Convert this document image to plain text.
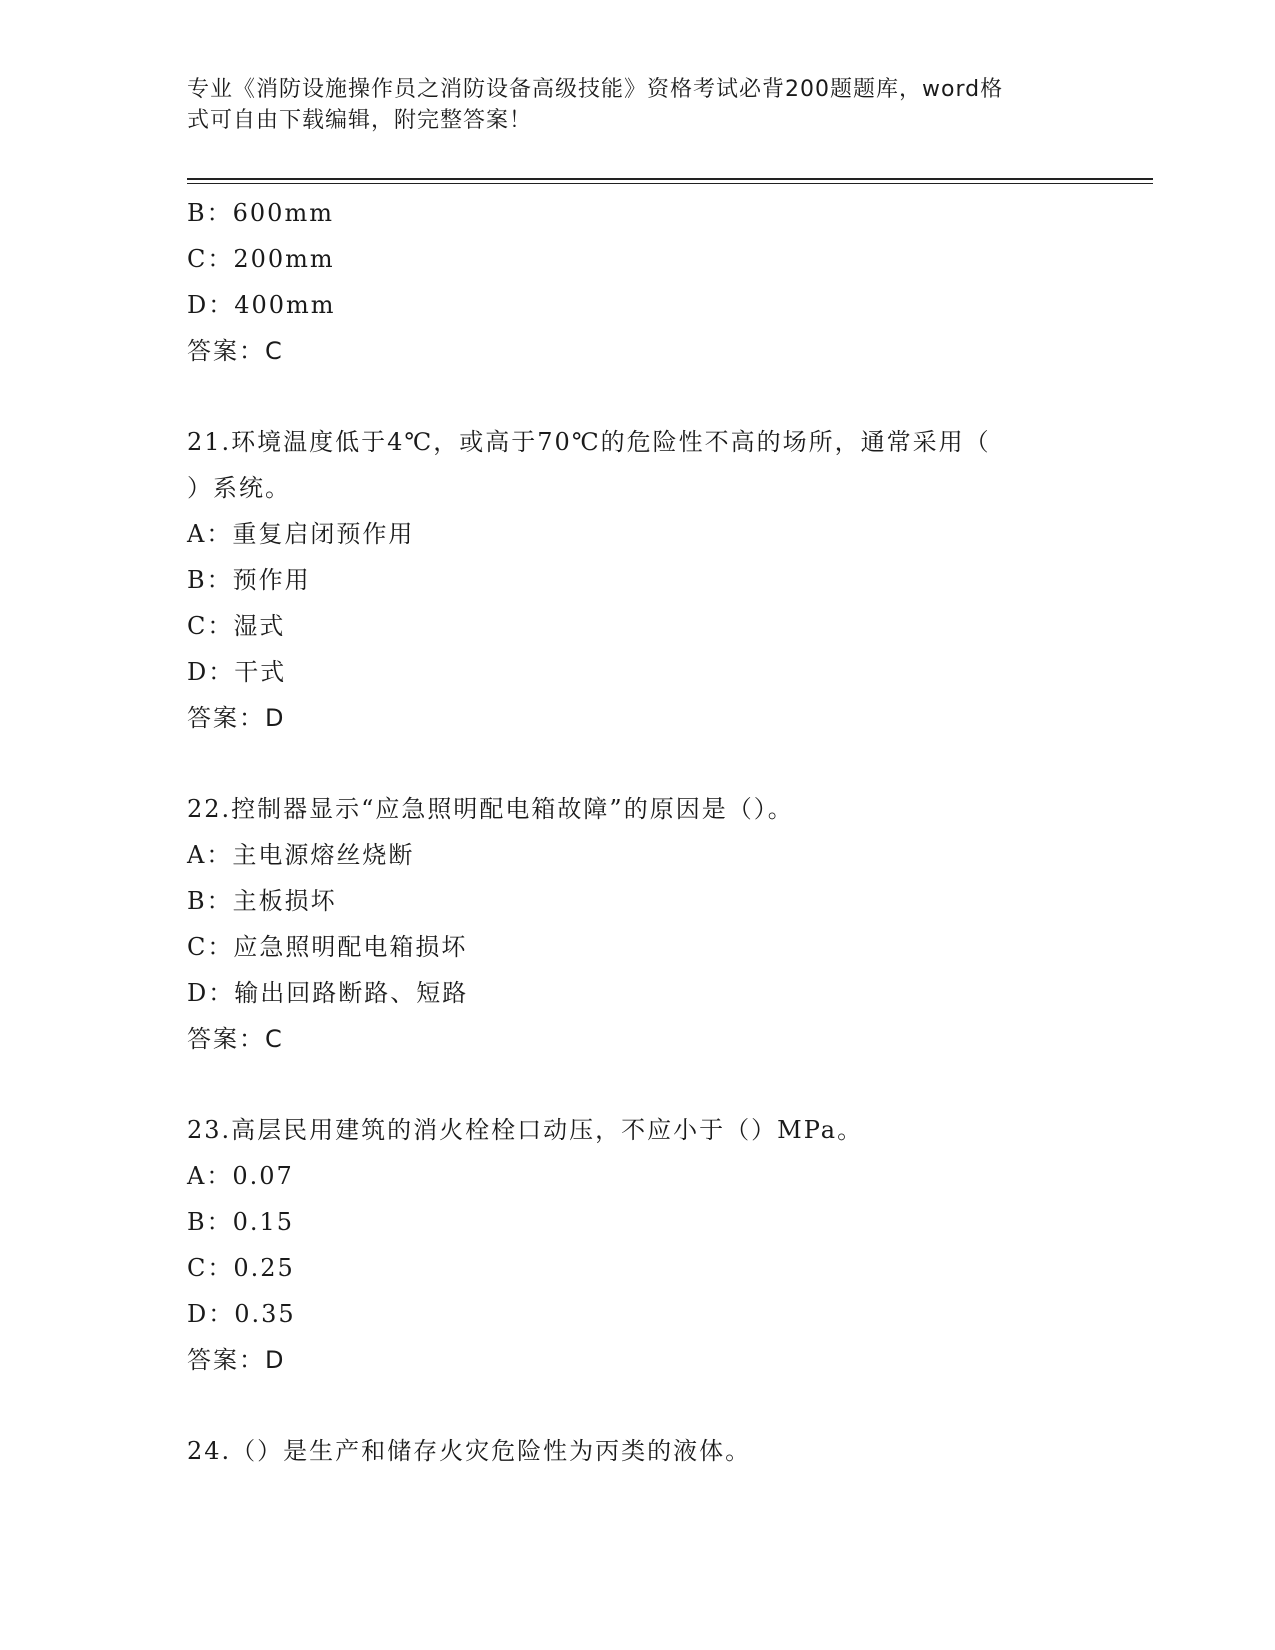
专业《消防设施操作员之消防设备高级技能》资格考试必背200题题库，word格
式可自由下载编辑，附完整答案！
B：600mm
C：200mm
D：400mm
答案：C
21.环境温度低于4℃，或高于70℃的危险性不高的场所，通常采用（
）系统。
A：重复启闭预作用
B：预作用
C：湿式
D：干式
答案：D
22.控制器显示“应急照明配电箱故障”的原因是（）。
A：主电源熔丝烧断
B：主板损坏
C：应急照明配电箱损坏
D：输出回路断路、短路
答案：C
23.高层民用建筑的消火栓栓口动压，不应小于（）MPa。
A：0.07
B：0.15
C：0.25
D：0.35
答案：D
24.（）是生产和储存火灾危险性为丙类的液体。
